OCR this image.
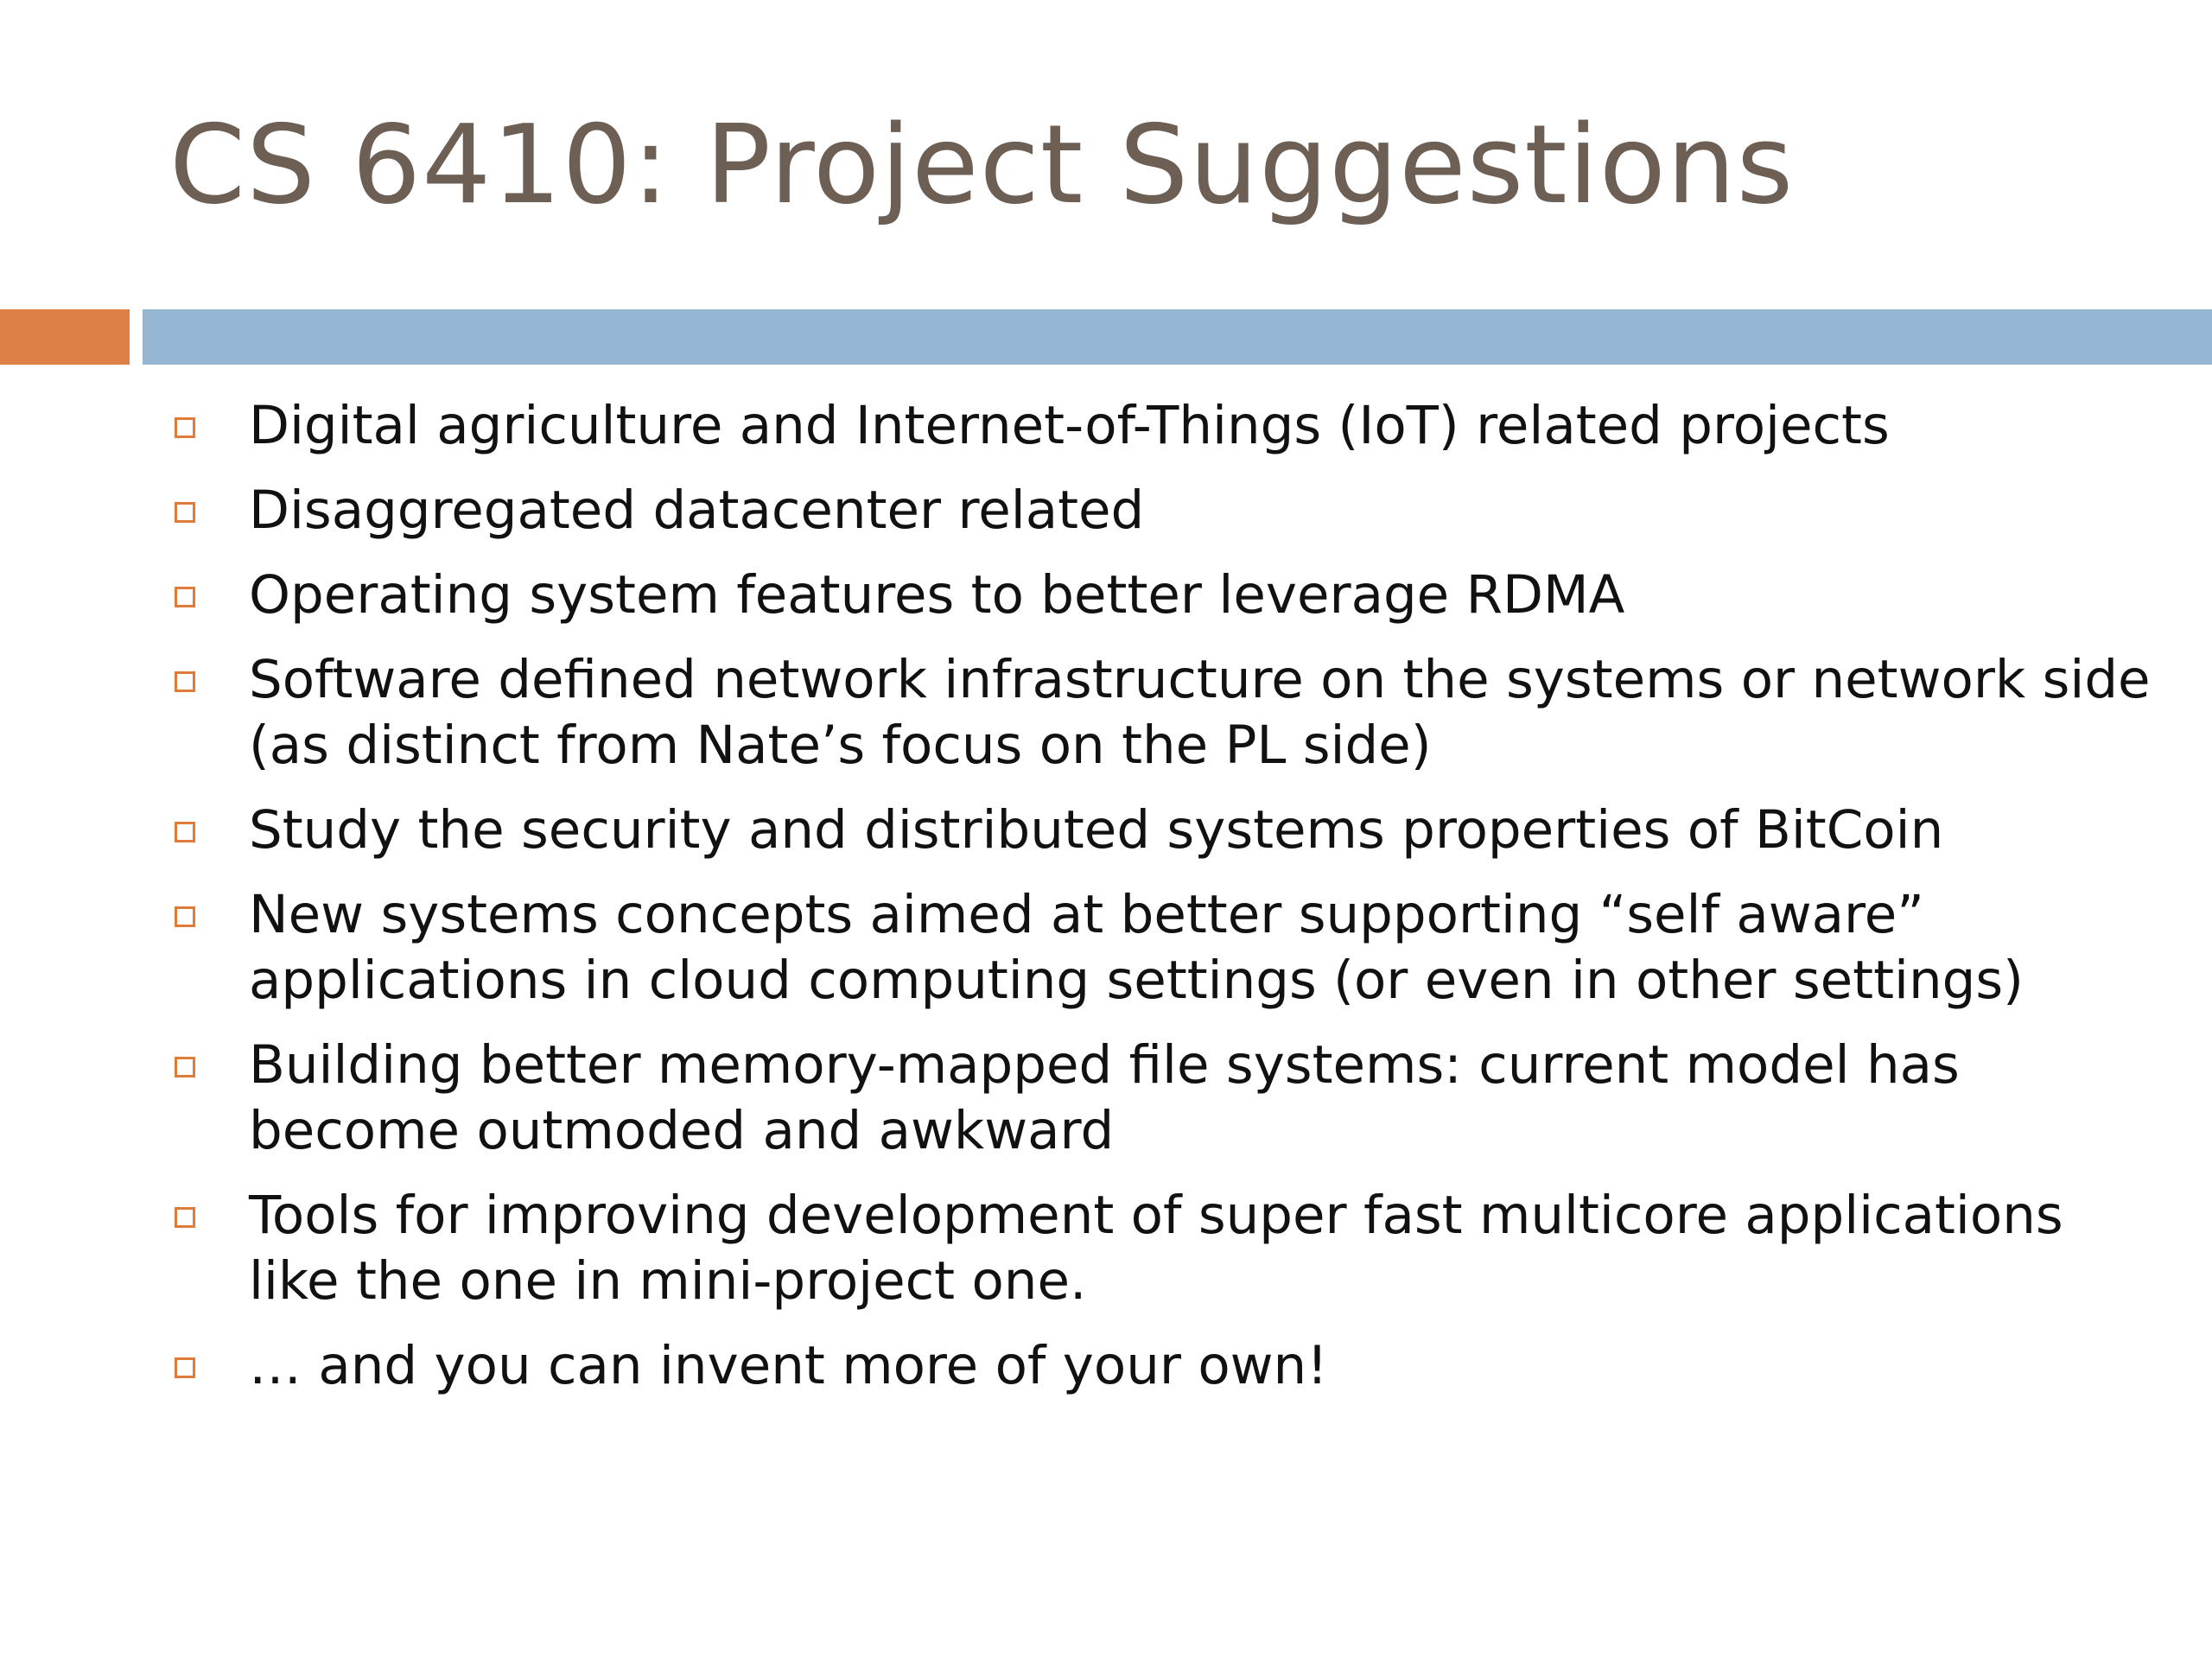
CS 6410: Project Suggestions
Digital agriculture and Internet-of-Things (IoT) related projects
Disaggregated datacenter related
Operating system features to better leverage RDMA
Software defined network infrastructure on the systems or network side (as distinct from Nate’s focus on the PL side)
Study the security and distributed systems properties of BitCoin
New systems concepts aimed at better supporting “self aware” applications in cloud computing settings (or even in other settings)
Building better memory-mapped file systems: current model has become outmoded and awkward
Tools for improving development of super fast multicore applications like the one in mini-project one.
… and you can invent more of your own!
